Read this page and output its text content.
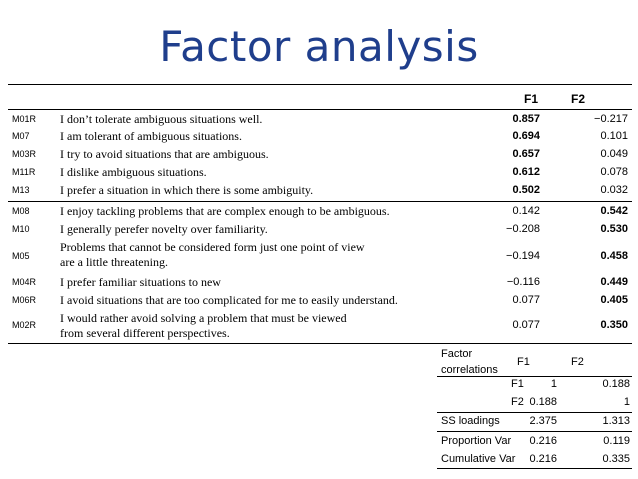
Factor analysis
F1	F2
M01R I don’t tolerate ambiguous situations well.	0.857	−0.217
M07	I am tolerant of ambiguous situations.	0.694	0.101
M03R I try to avoid situations that are ambiguous.	0.657	0.049
M11R I dislike ambiguous situations.	0.612	0.078
M13	I prefer a situation in which there is some ambiguity.	0.502	0.032
M08	I enjoy tackling problems that are complex enough to be ambiguous.	0.142	0.542
M10	I generally perefer novelty over familiarity.	−0.208	0.530
M05
Problems that cannot be considered form just one point of view
are a little threatening.	−0.194	0.458
M04R I prefer familiar situations to new	−0.116	0.449
M06R I avoid situations that are too complicated for me to easily understand.	0.077	0.405
M02R I would rather avoid solving a problem that must be viewed
from several different perspectives.
0.077	0.350
Factor
correlations
F1	F2
F1 1	0.188
F2 0.188	1
SS loadings	2.375	1.313
Proportion Var 0.216	0.119
Cumulative Var 0.216	0.335
